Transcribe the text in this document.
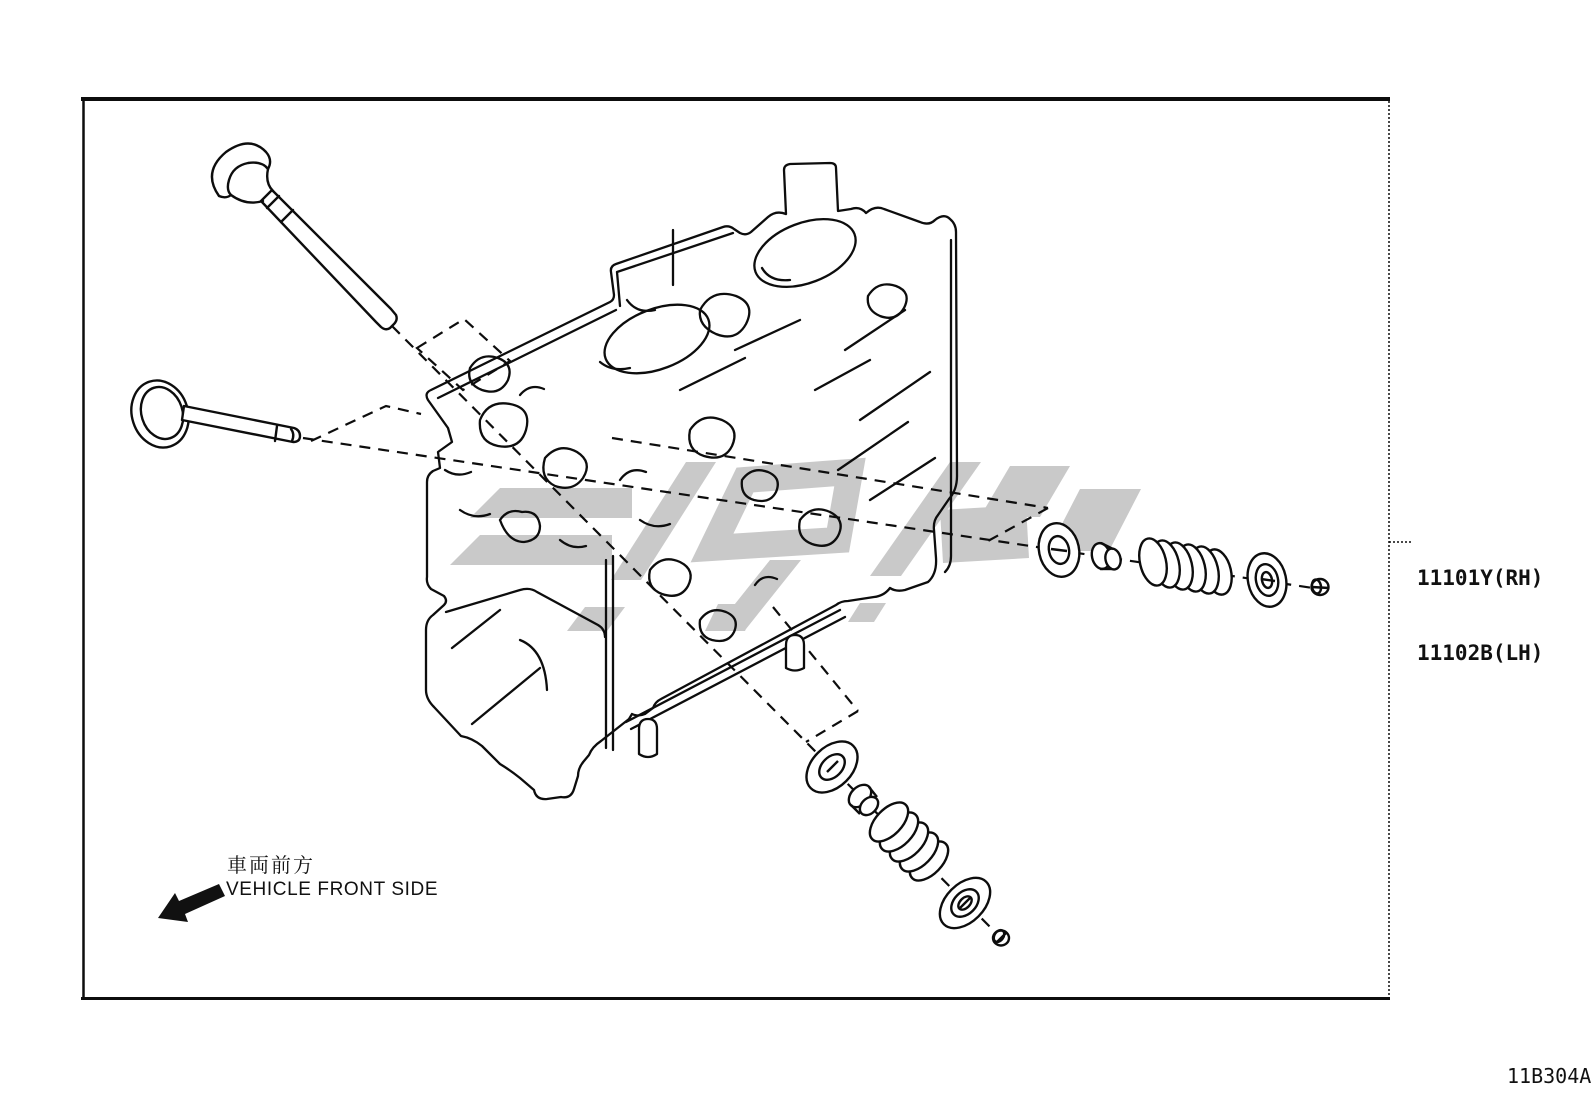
11101Y(RH)

11102B(LH)

車両前方
VEHICLE FRONT SIDE
11B304A
